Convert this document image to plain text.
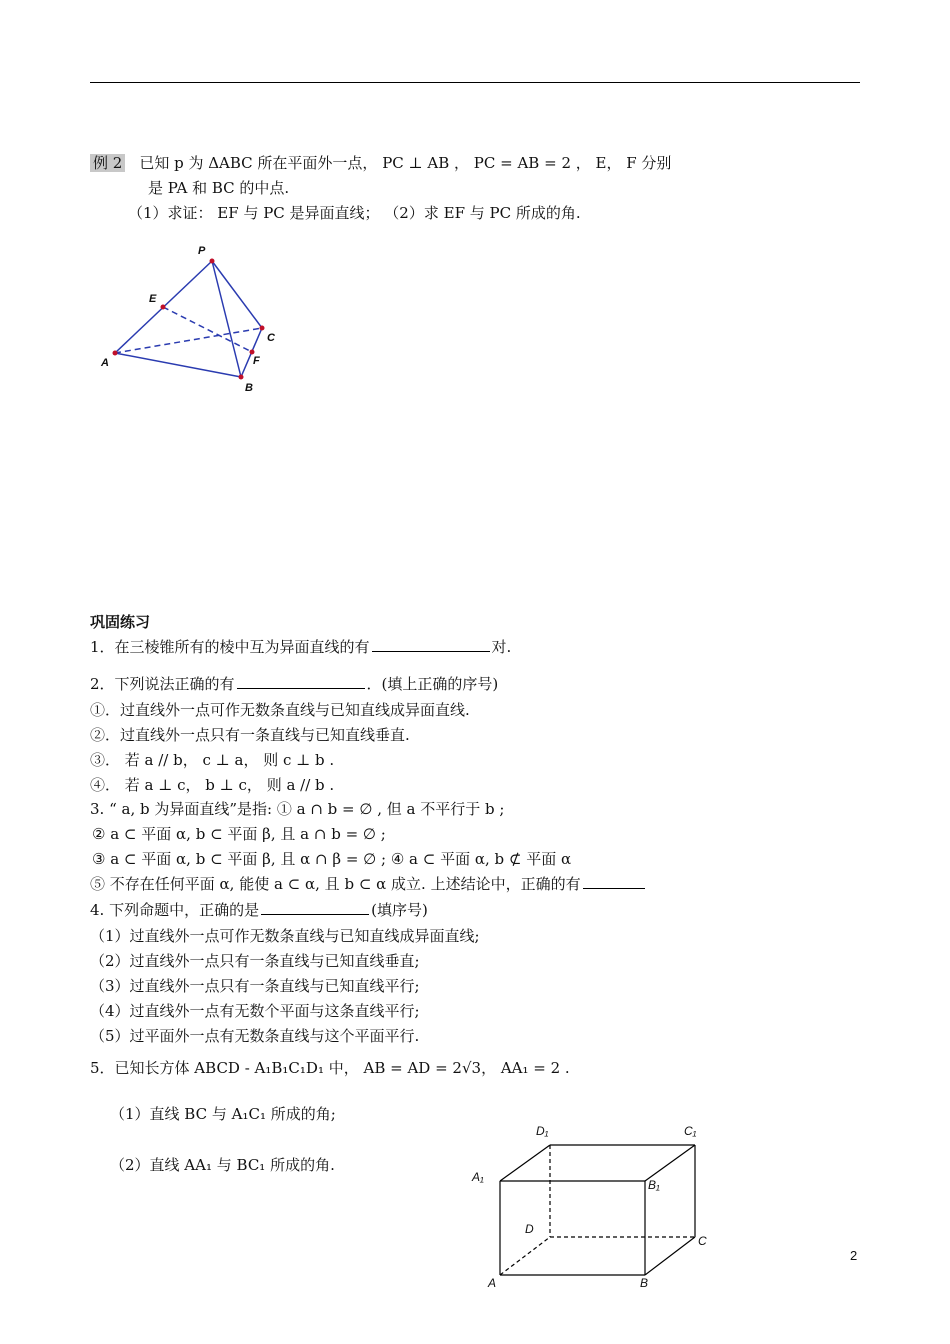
例 2 已知 p 为 ΔABC 所在平面外一点， PC ⊥ AB ， PC = AB = 2 ， E， F 分别
是 PA 和 BC 的中点.
（1）求证： EF 与 PC 是异面直线； （2）求 EF 与 PC 所成的角.
P
E
C
A	F
B
巩固练习
1．在三棱锥所有的棱中互为异面直线的有	对.
2．下列说法正确的有	．(填上正确的序号)
①．过直线外一点可作无数条直线与已知直线成异面直线.
②．过直线外一点只有一条直线与已知直线垂直.
③． 若 a // b， c ⊥ a， 则 c ⊥ b .
④． 若 a ⊥ c， b ⊥ c， 则 a // b .
3. “ a, b 为异面直线”是指: ① a ∩ b = ∅ , 但 a 不平行于 b ;
② a ⊂ 平面 α, b ⊂ 平面 β, 且 a ∩ b = ∅ ;
③ a ⊂ 平面 α, b ⊂ 平面 β, 且 α ∩ β = ∅ ; ④ a ⊂ 平面 α, b ⊄ 平面 α
⑤ 不存在任何平面 α, 能使 a ⊂ α, 且 b ⊂ α 成立. 上述结论中，正确的有
4. 下列命题中，正确的是	(填序号)
（1）过直线外一点可作无数条直线与已知直线成异面直线;
（2）过直线外一点只有一条直线与已知直线垂直;
（3）过直线外一点只有一条直线与已知直线平行;
（4）过直线外一点有无数个平面与这条直线平行;
（5）过平面外一点有无数条直线与这个平面平行.
5．已知长方体 ABCD - A₁B₁C₁D₁ 中， AB = AD = 2√3， AA₁ = 2 .
（1）直线 BC 与 A₁C₁ 所成的角;
（2）直线 AA₁ 与 BC₁ 所成的角.
D₁	C₁
A₁
B₁
D
C
A	B
2
